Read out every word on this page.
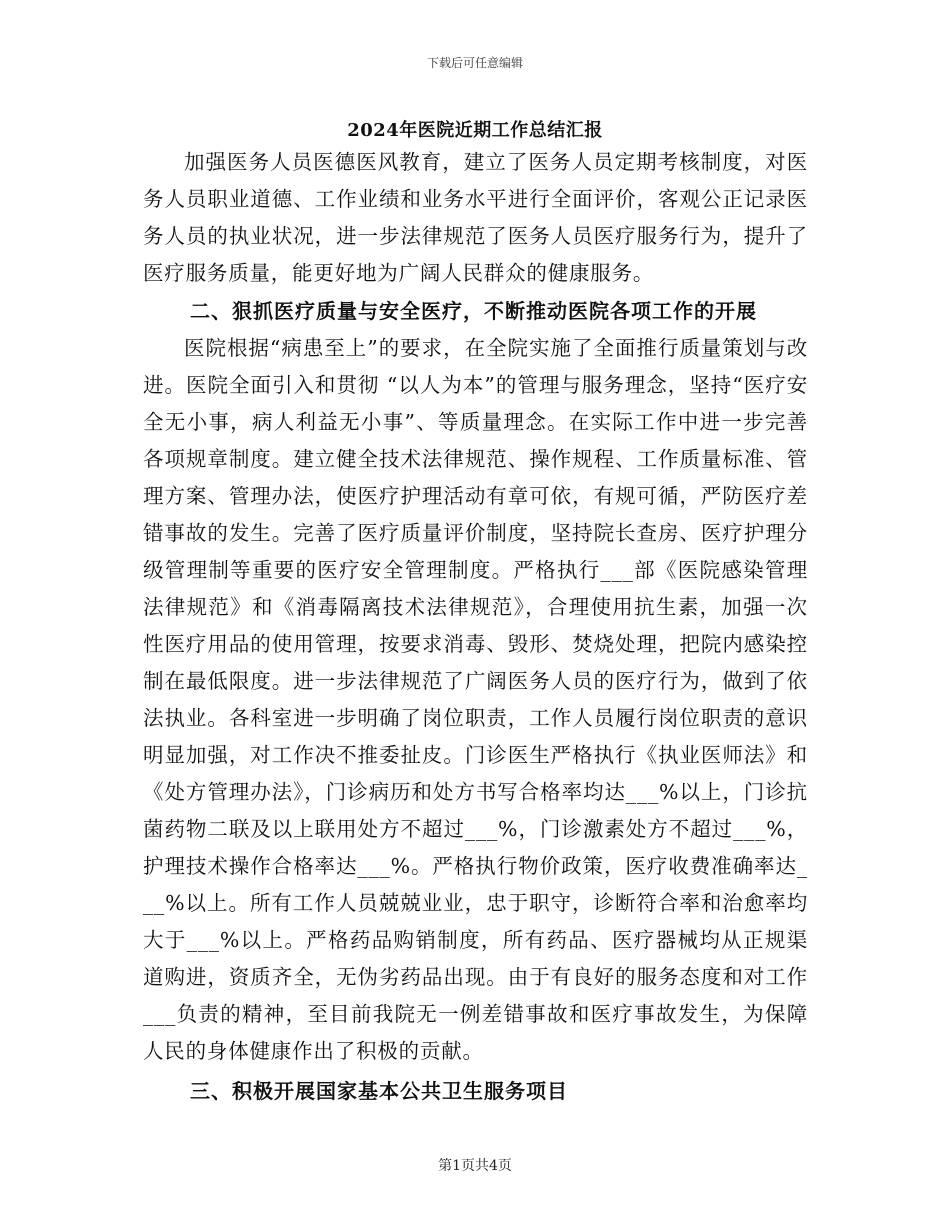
下载后可任意编辑
2024年医院近期工作总结汇报

加强医务人员医德医风教育，建立了医务人员定期考核制度，对医务人员职业道德、工作业绩和业务水平进行全面评价，客观公正记录医务人员的执业状况，进一步法律规范了医务人员医疗服务行为，提升了医疗服务质量，能更好地为广阔人民群众的健康服务。

二、狠抓医疗质量与安全医疗，不断推动医院各项工作的开展

医院根据“病患至上”的要求，在全院实施了全面推行质量策划与改进。医院全面引入和贯彻 “以人为本”的管理与服务理念，坚持“医疗安全无小事，病人利益无小事”、等质量理念。在实际工作中进一步完善各项规章制度。建立健全技术法律规范、操作规程、工作质量标准、管理方案、管理办法，使医疗护理活动有章可依，有规可循，严防医疗差错事故的发生。完善了医疗质量评价制度，坚持院长查房、医疗护理分级管理制等重要的医疗安全管理制度。严格执行___部《医院感染管理法律规范》和《消毒隔离技术法律规范》，合理使用抗生素，加强一次性医疗用品的使用管理，按要求消毒、毁形、焚烧处理，把院内感染控制在最低限度。进一步法律规范了广阔医务人员的医疗行为，做到了依法执业。各科室进一步明确了岗位职责，工作人员履行岗位职责的意识明显加强，对工作决不推委扯皮。门诊医生严格执行《执业医师法》和《处方管理办法》，门诊病历和处方书写合格率均达___%以上，门诊抗菌药物二联及以上联用处方不超过___%，门诊激素处方不超过___%，护理技术操作合格率达___%。严格执行物价政策，医疗收费准确率达___%以上。所有工作人员兢兢业业，忠于职守，诊断符合率和治愈率均大于___%以上。严格药品购销制度，所有药品、医疗器械均从正规渠道购进，资质齐全，无伪劣药品出现。由于有良好的服务态度和对工作___负责的精神，至目前我院无一例差错事故和医疗事故发生，为保障人民的身体健康作出了积极的贡献。

三、积极开展国家基本公共卫生服务项目

第1页共4页
